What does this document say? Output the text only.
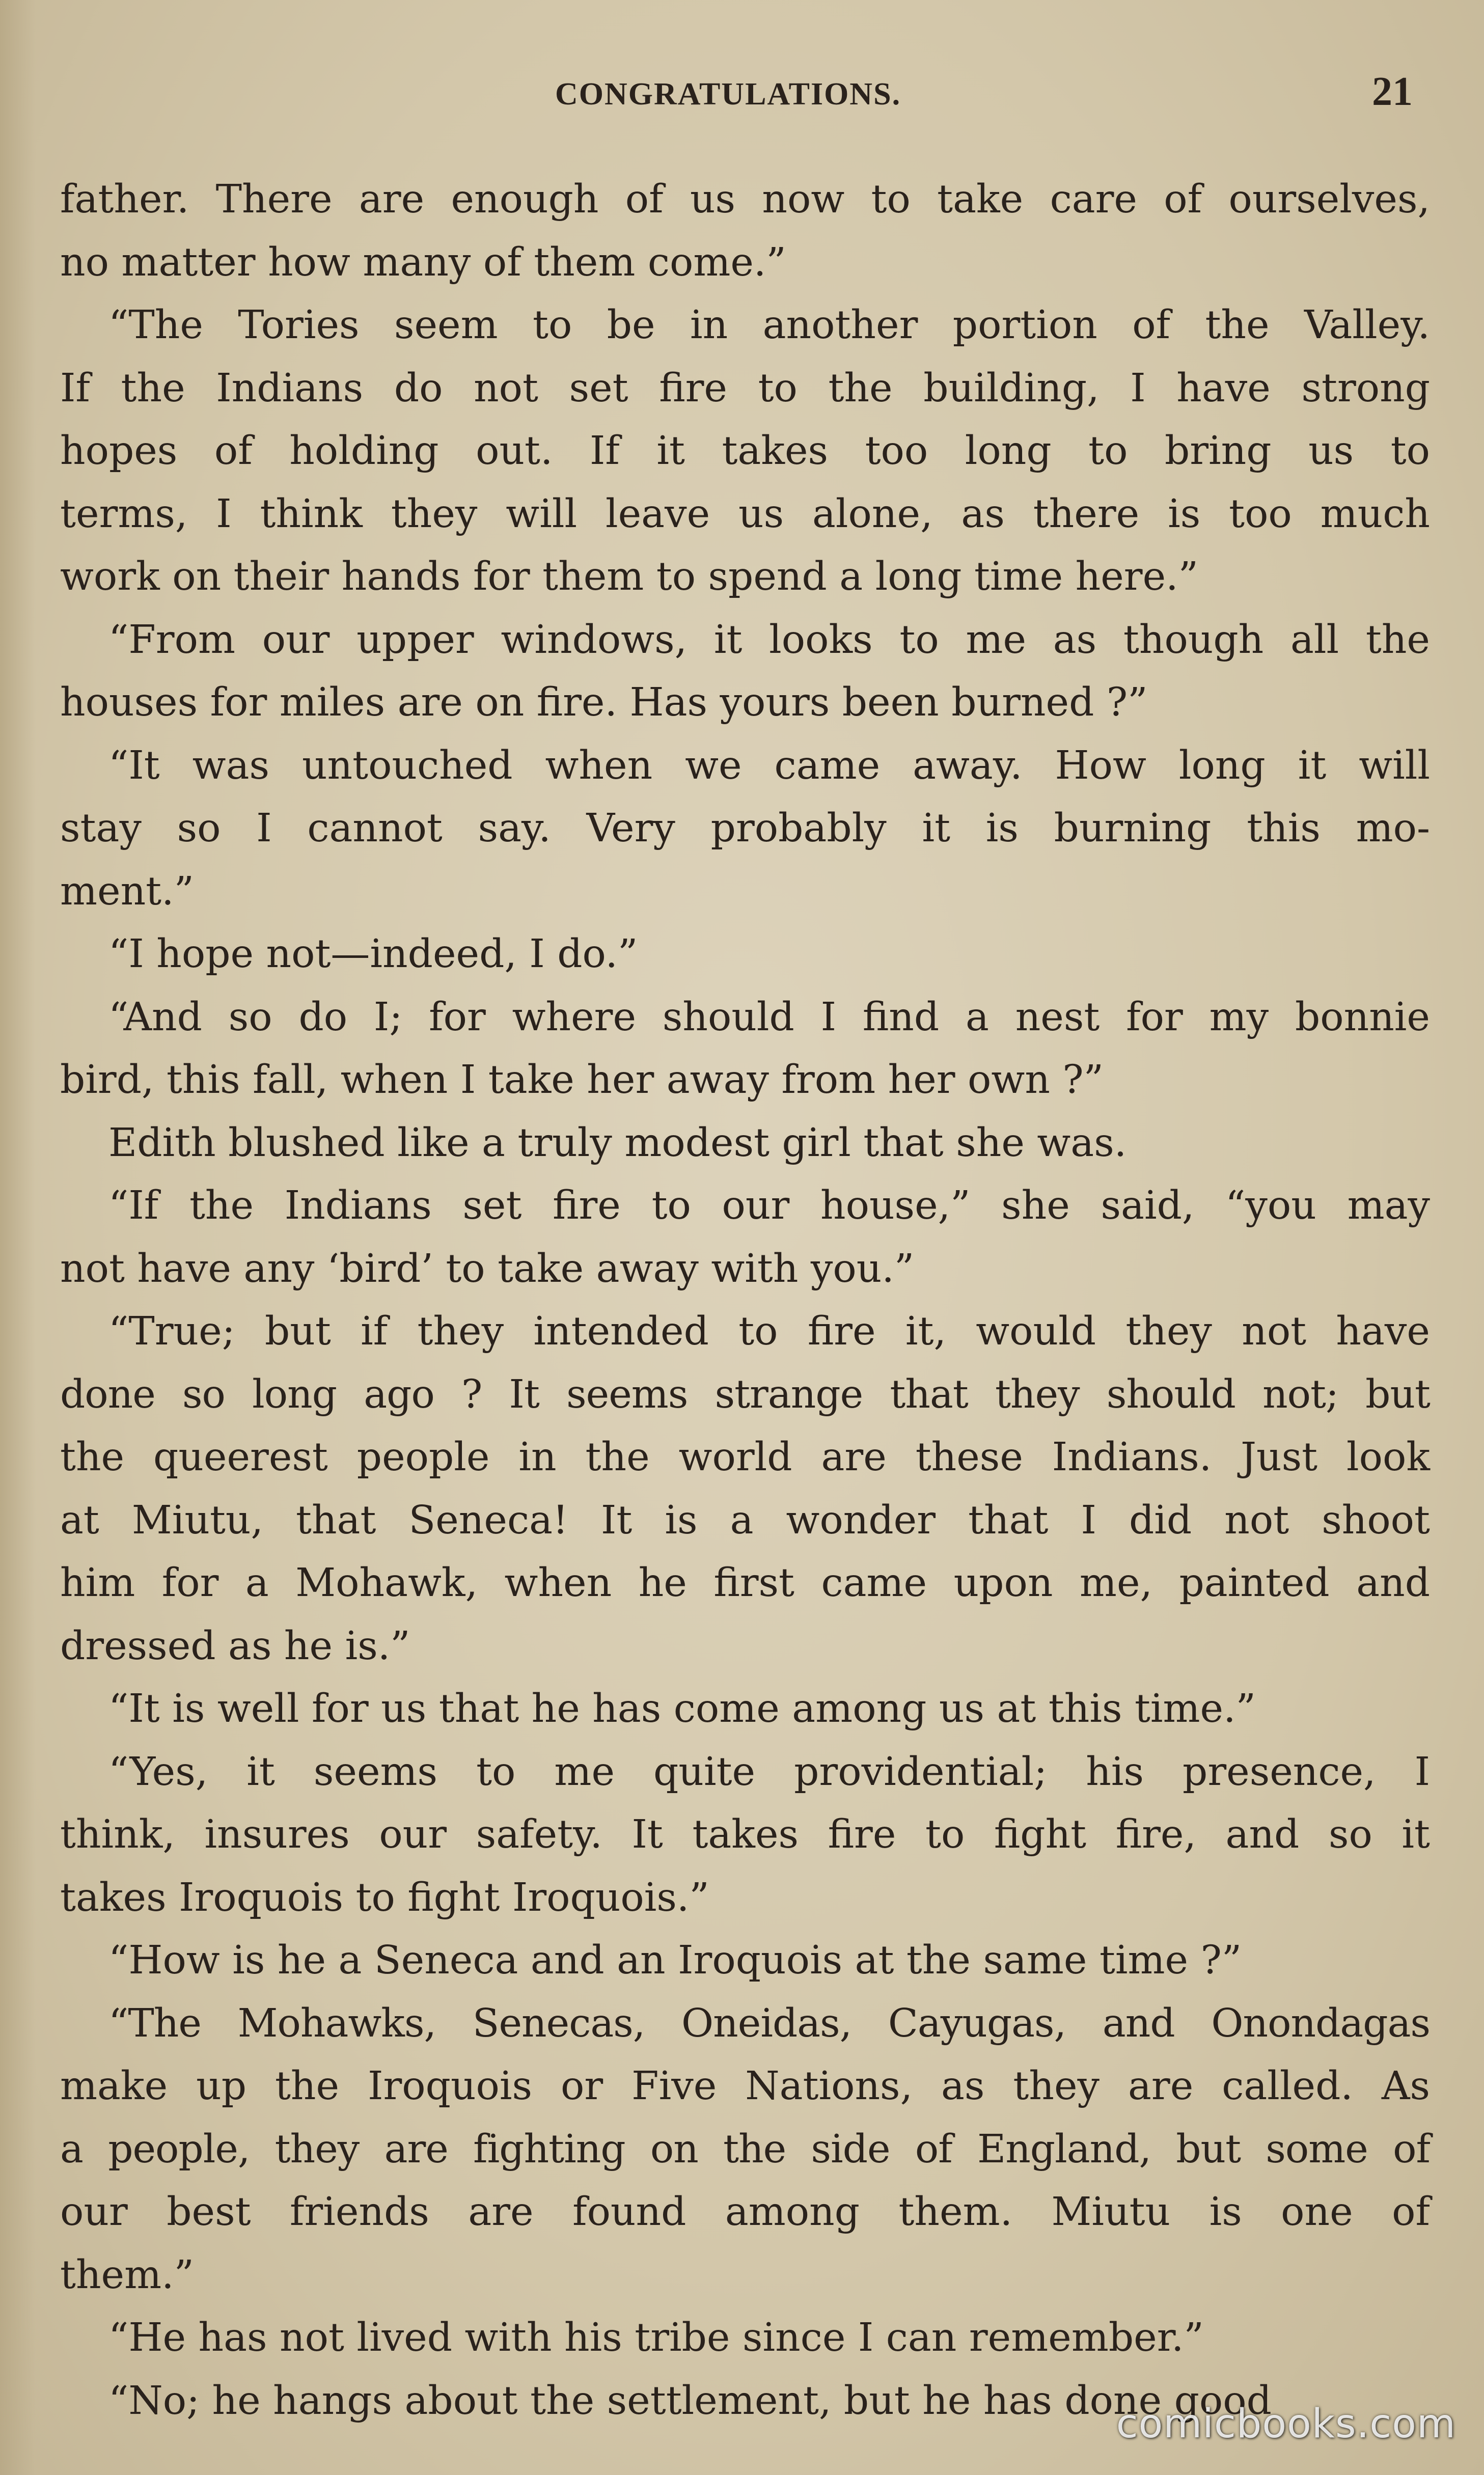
CONGRATULATIONS.	21
father. There are enough of us now to take care of ourselves,
no matter how many of them come.”
“The Tories seem to be in another portion of the Valley.
If the Indians do not set fire to the building, I have strong
hopes of holding out. If it takes too long to bring us to
terms, I think they will leave us alone, as there is too much
work on their hands for them to spend a long time here.”
“From our upper windows, it looks to me as though all the
houses for miles are on fire. Has yours been burned ?”
“It was untouched when we came away. How long it will
stay so I cannot say. Very probably it is burning this mo-
ment.”
“I hope not—indeed, I do.”
“And so do I; for where should I find a nest for my bonnie
bird, this fall, when I take her away from her own ?”
Edith blushed like a truly modest girl that she was.
“If the Indians set fire to our house,” she said, “you may
not have any ‘bird’ to take away with you.”
“True; but if they intended to fire it, would they not have
done so long ago ? It seems strange that they should not; but
the queerest people in the world are these Indians. Just look
at Miutu, that Seneca! It is a wonder that I did not shoot
him for a Mohawk, when he first came upon me, painted and
dressed as he is.”
“It is well for us that he has come among us at this time.”
“Yes, it seems to me quite providential; his presence, I
think, insures our safety. It takes fire to fight fire, and so it
takes Iroquois to fight Iroquois.”
“How is he a Seneca and an Iroquois at the same time ?”
“The Mohawks, Senecas, Oneidas, Cayugas, and Onondagas
make up the Iroquois or Five Nations, as they are called. As
a people, they are fighting on the side of England, but some of
our best friends are found among them. Miutu is one of
them.”
“He has not lived with his tribe since I can remember.”
“No; he hangs about the settlement, but he has done good
comicbooks.com
